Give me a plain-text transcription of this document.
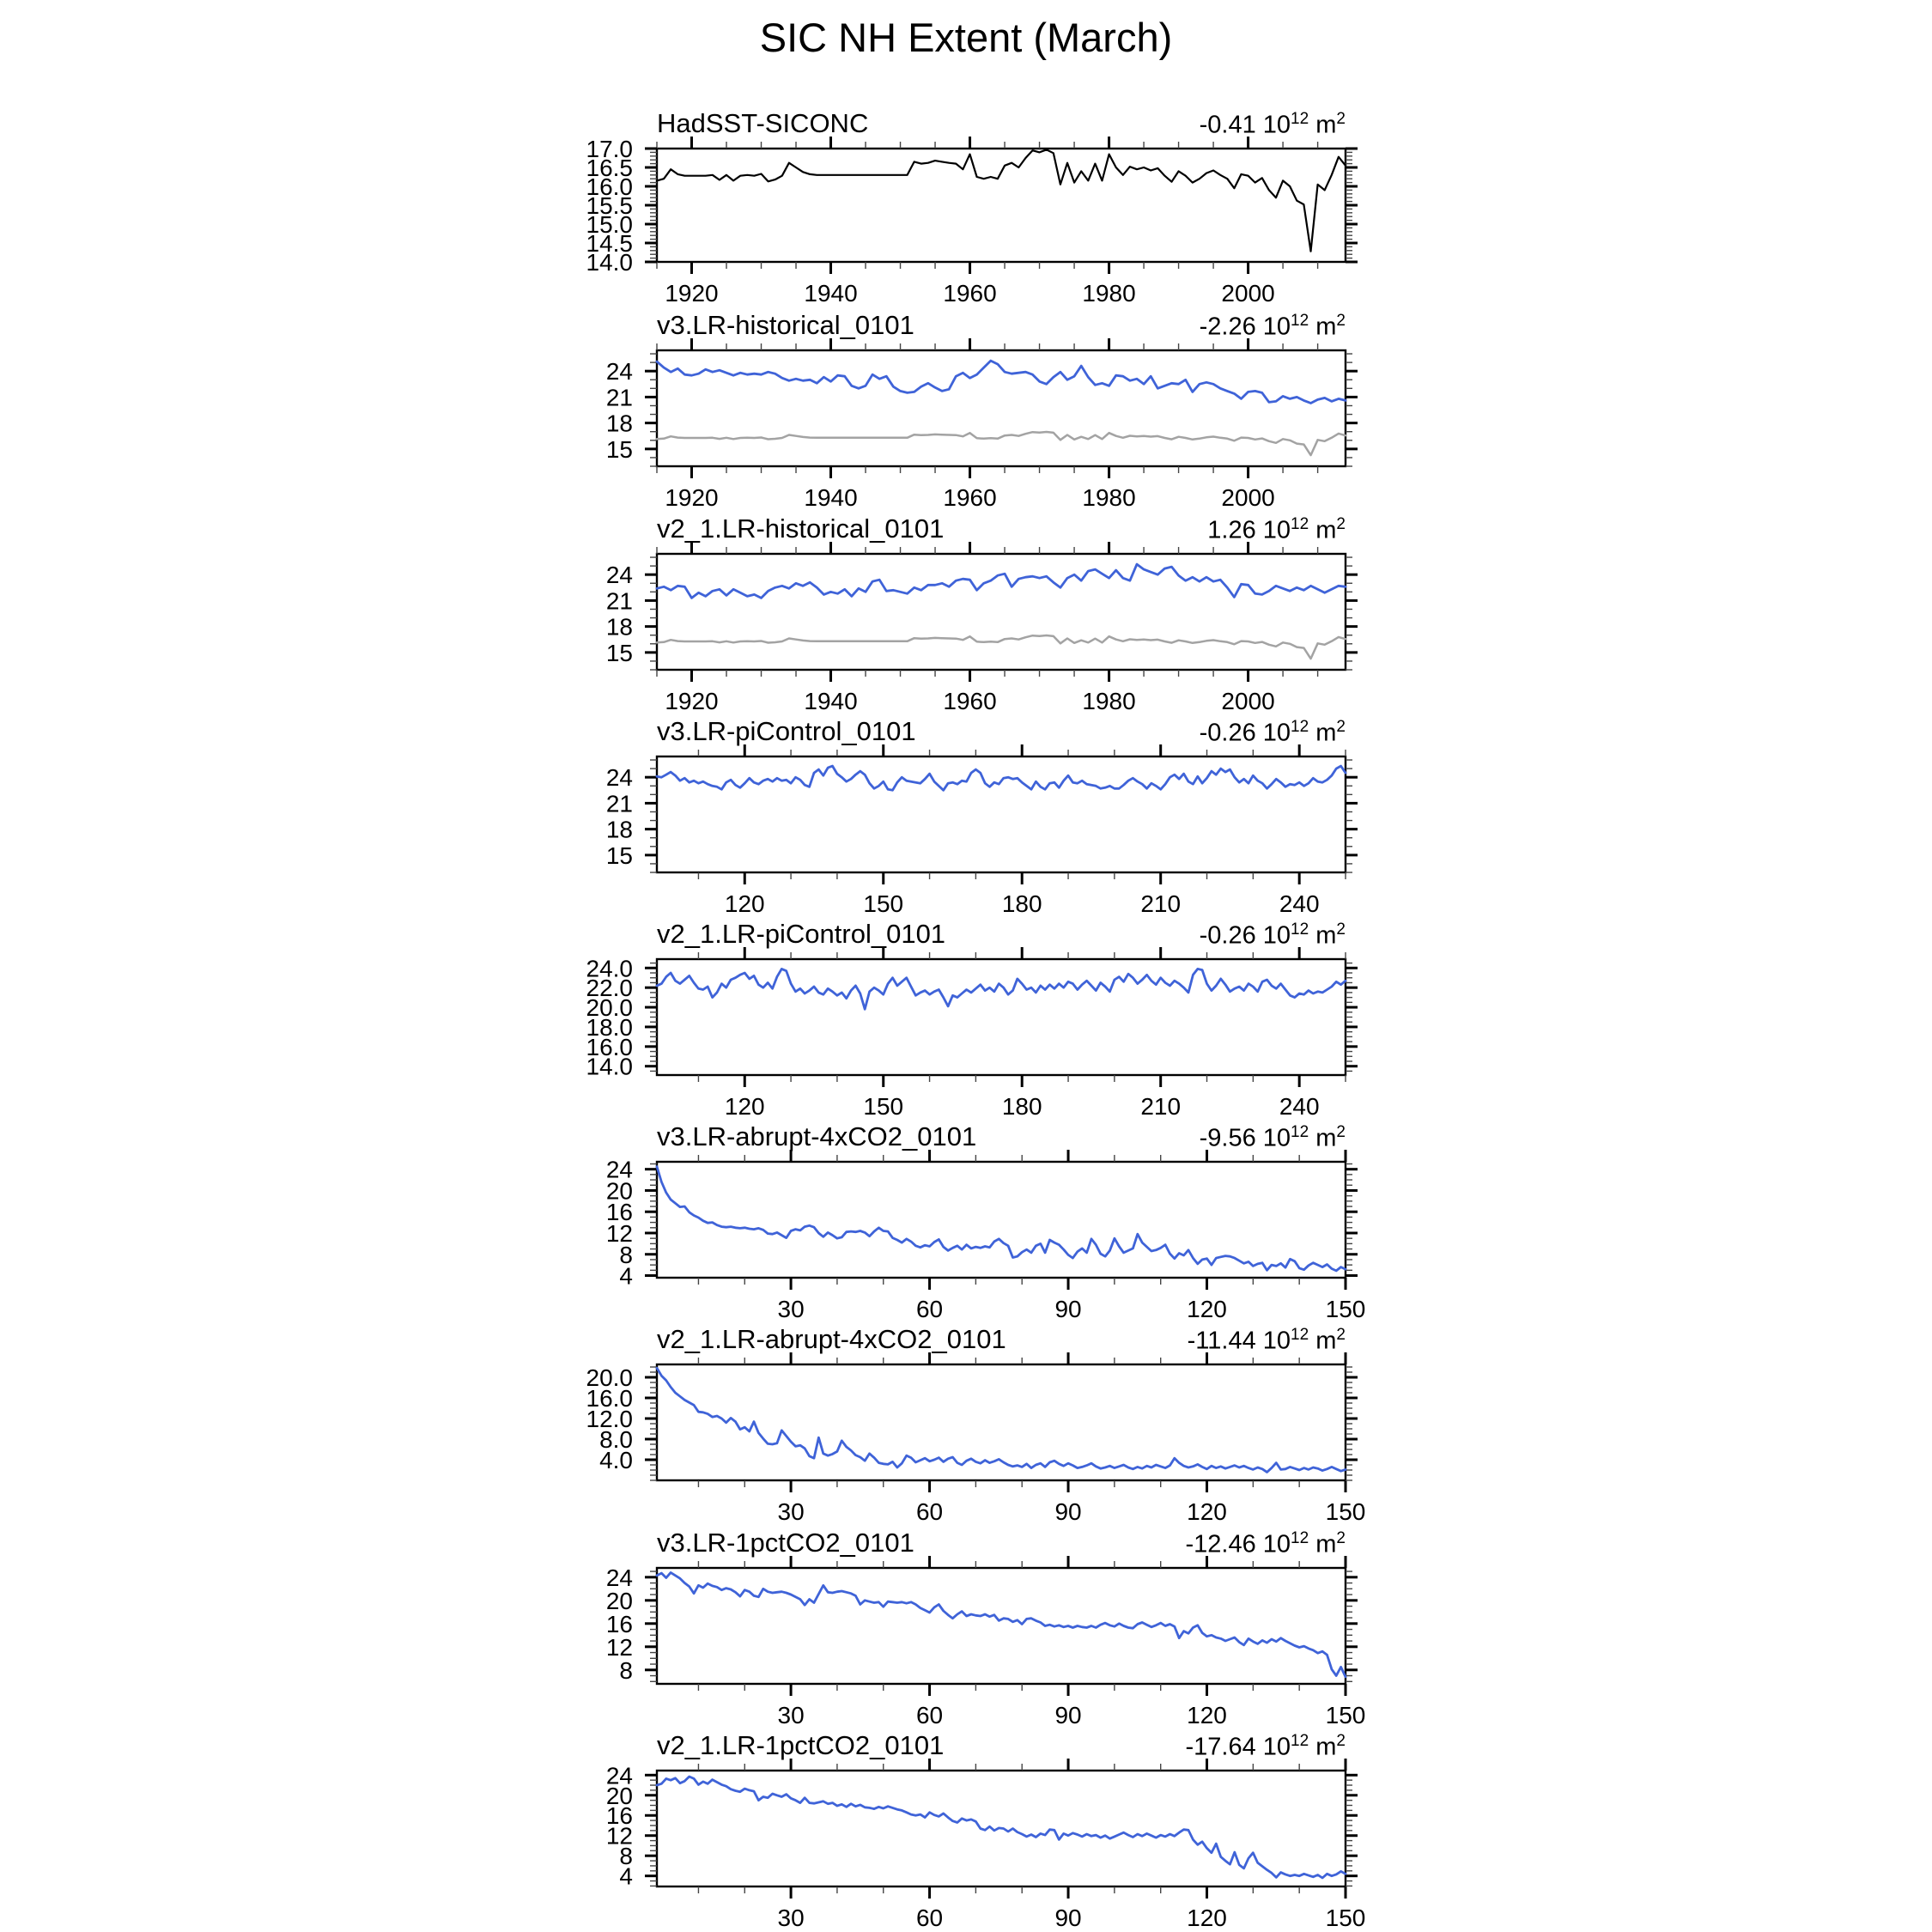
SIC NH Extent (March)
1920	1940	1960	1980	2000
17.0
16.5
16.0
15.5
15.0
14.5
14.0
1920	1940	1960	1980	2000
24
21
18
15
1920	1940	1960	1980	2000
24
21
18
15
120	150	180	210	240
24
21
18
15
120	150	180	210	240
24.0
22.0
20.0
18.0
16.0
14.0
30	60	90	120	150
24
20
16
12
8
4
30	60	90	120	150
20.0
16.0
12.0
8.0
4.0
30	60	90	120	150
24
20
16
12
8
30	60	90	120	150
24
20
16
12
8
4
HadSST-SICONC	-0.41 $10^{12}$ $m^2$
v3.LR-historical_0101	-2.26 $10^{12}$ $m^2$
v2_1.LR-historical_0101	1.26 $10^{12}$ $m^2$
v3.LR-piControl_0101	-0.26 $10^{12}$ $m^2$
v2_1.LR-piControl_0101	-0.26 $10^{12}$ $m^2$
v3.LR-abrupt-4xCO2_0101	-9.56 $10^{12}$ $m^2$
v2_1.LR-abrupt-4xCO2_0101	-11.44 $10^{12}$ $m^2$
v3.LR-1pctCO2_0101	-12.46 $10^{12}$ $m^2$
v2_1.LR-1pctCO2_0101	-17.64 $10^{12}$ $m^2$
